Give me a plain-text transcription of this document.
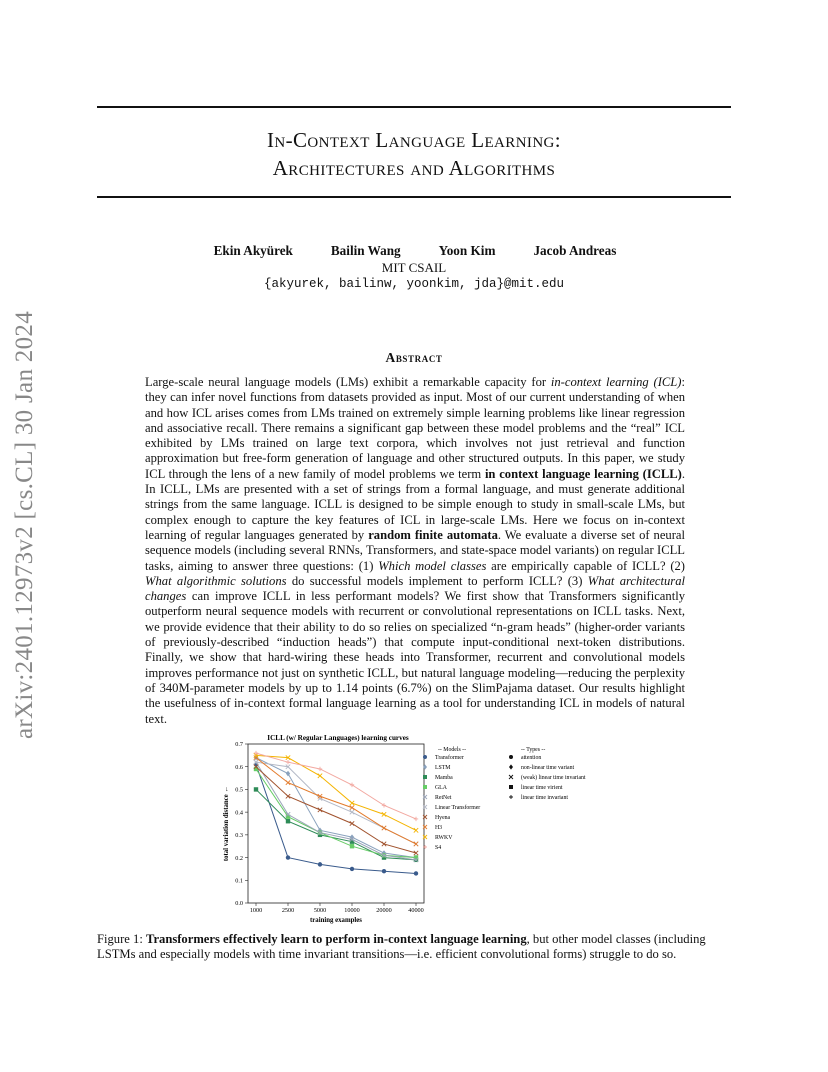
In-Context Language Learning:
Architectures and Algorithms
Ekin Akyürek	Bailin Wang	Yoon Kim	Jacob Andreas
MIT CSAIL
{akyurek, bailinw, yoonkim, jda}@mit.edu
arXiv:2401.12973v2 [cs.CL] 30 Jan 2024	Abstract
Large-scale neural language models (LMs) exhibit a remarkable capacity for in-context learning (ICL): they can infer novel functions from datasets provided as input. Most of our current understanding of when and how ICL arises comes from LMs trained on extremely simple learning problems like linear regression and associative recall. There remains a significant gap between these model problems and the “real” ICL exhibited by LMs trained on large text corpora, which involves not just retrieval and function approximation but free-form generation of language and other structured outputs. In this paper, we study ICL through the lens of a new family of model problems we term in context language learning (ICLL). In ICLL, LMs are presented with a set of strings from a formal language, and must generate additional strings from the same language. ICLL is designed to be simple enough to study in small-scale LMs, but complex enough to capture the key features of ICL in large-scale LMs. Here we focus on in-context learning of regular languages generated by random finite automata. We evaluate a diverse set of neural sequence models (including several RNNs, Transformers, and state-space model variants) on regular ICLL tasks, aiming to answer three questions: (1) Which model classes are empirically capable of ICLL? (2) What algorithmic solutions do successful models implement to perform ICLL? (3) What architectural changes can improve ICLL in less performant models? We first show that Transformers significantly outperform neural sequence models with recurrent or convolutional representations on ICLL tasks. Next, we provide evidence that their ability to do so relies on specialized “n-gram heads” (higher-order variants of previously-described “induction heads”) that compute input-conditional next-token distributions. Finally, we show that hard-wiring these heads into Transformer, recurrent and convolutional models improves performance not just on synthetic ICLL, but natural language modeling—reducing the perplexity of 340M-parameter models by up to 1.14 points (6.7%) on the SlimPajama dataset. Our results highlight the usefulness of in-context formal language learning as a tool for understanding ICL in models of natural text.
ICLL (w/ Regular Languages) learning curves
0.0
0.1
0.2
0.3
0.4
0.5
0.6
0.7
1000	2500	5000	10000	20000	40000
training examples
total variation distance ←
-- Models --
Transformer
LSTM
Mamba
GLA
RetNet
Linear Transformer
Hyena
H3
RWKV
S4
-- Types --
attention
non-linear time variant
(weak) linear time invariant
linear time virient
linear time invariant
Figure 1: Transformers effectively learn to perform in-context language learning, but other model classes (including LSTMs and especially models with time invariant transitions—i.e. efficient convolutional forms) struggle to do so.
